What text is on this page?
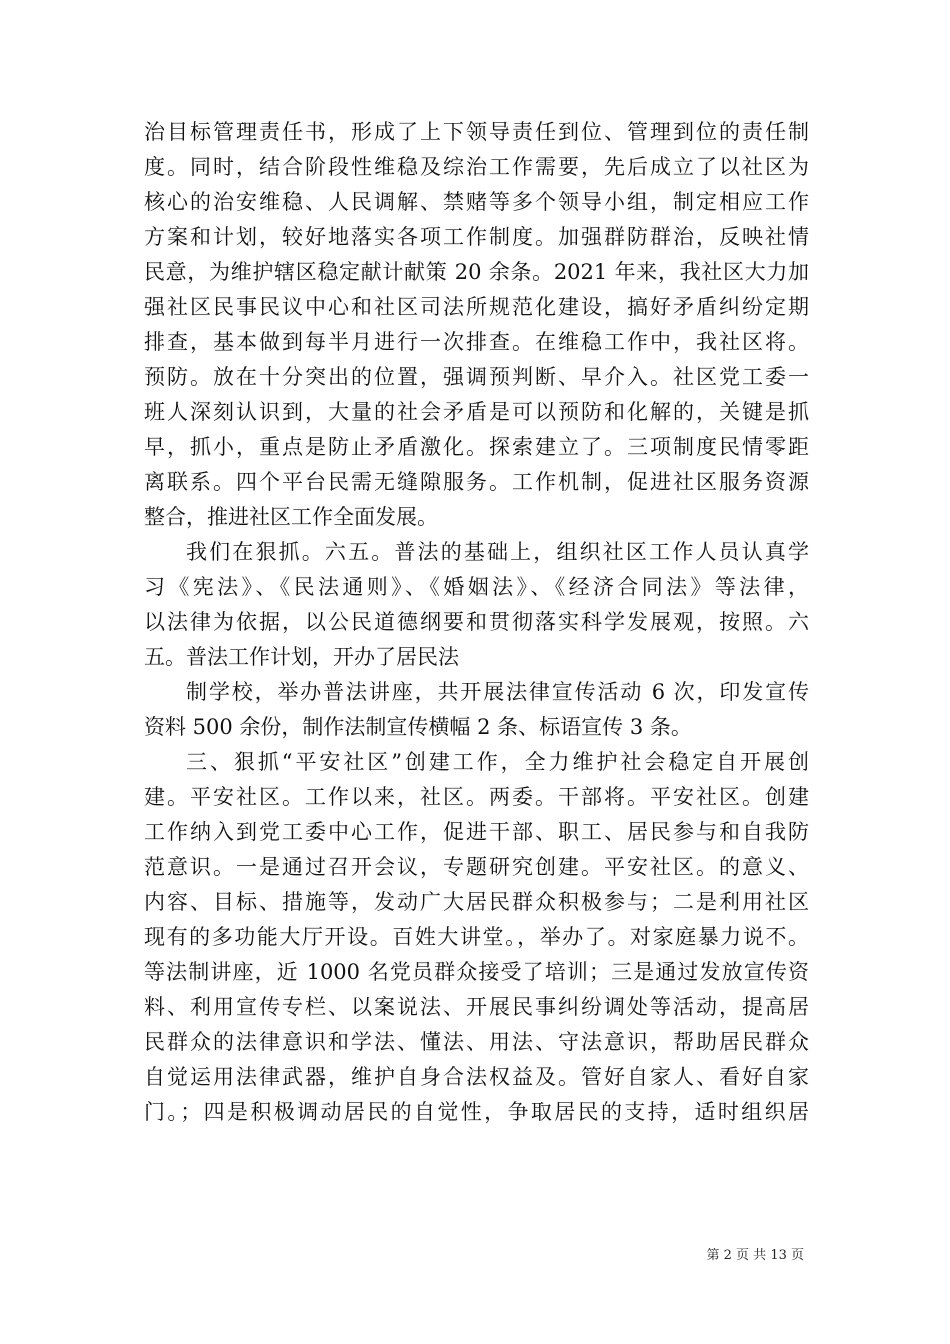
治目标管理责任书，形成了上下领导责任到位、管理到位的责任制
度。同时，结合阶段性维稳及综治工作需要，先后成立了以社区为
核心的治安维稳、人民调解、禁赌等多个领导小组，制定相应工作
方案和计划，较好地落实各项工作制度。加强群防群治，反映社情
民意，为维护辖区稳定献计献策 20 余条。2021 年来，我社区大力加
强社区民事民议中心和社区司法所规范化建设，搞好矛盾纠纷定期
排查，基本做到每半月进行一次排查。在维稳工作中，我社区将。
预防。放在十分突出的位置，强调预判断、早介入。社区党工委一
班人深刻认识到，大量的社会矛盾是可以预防和化解的，关键是抓
早，抓小，重点是防止矛盾激化。探索建立了。三项制度民情零距
离联系。四个平台民需无缝隙服务。工作机制，促进社区服务资源
整合，推进社区工作全面发展。
我们在狠抓。六五。普法的基础上，组织社区工作人员认真学
习《宪法》、《民法通则》、《婚姻法》、《经济合同法》等法律，
以法律为依据，以公民道德纲要和贯彻落实科学发展观，按照。六
五。普法工作计划，开办了居民法
制学校，举办普法讲座，共开展法律宣传活动 6 次，印发宣传
资料 500 余份，制作法制宣传横幅 2 条、标语宣传 3 条。
三、狠抓“平安社区”创建工作，全力维护社会稳定自开展创
建。平安社区。工作以来，社区。两委。干部将。平安社区。创建
工作纳入到党工委中心工作，促进干部、职工、居民参与和自我防
范意识。一是通过召开会议，专题研究创建。平安社区。的意义、
内容、目标、措施等，发动广大居民群众积极参与；二是利用社区
现有的多功能大厅开设。百姓大讲堂。，举办了。对家庭暴力说不。
等法制讲座，近 1000 名党员群众接受了培训；三是通过发放宣传资
料、利用宣传专栏、以案说法、开展民事纠纷调处等活动，提高居
民群众的法律意识和学法、懂法、用法、守法意识，帮助居民群众
自觉运用法律武器，维护自身合法权益及。管好自家人、看好自家
门。；四是积极调动居民的自觉性，争取居民的支持，适时组织居
第 2 页 共 13 页
